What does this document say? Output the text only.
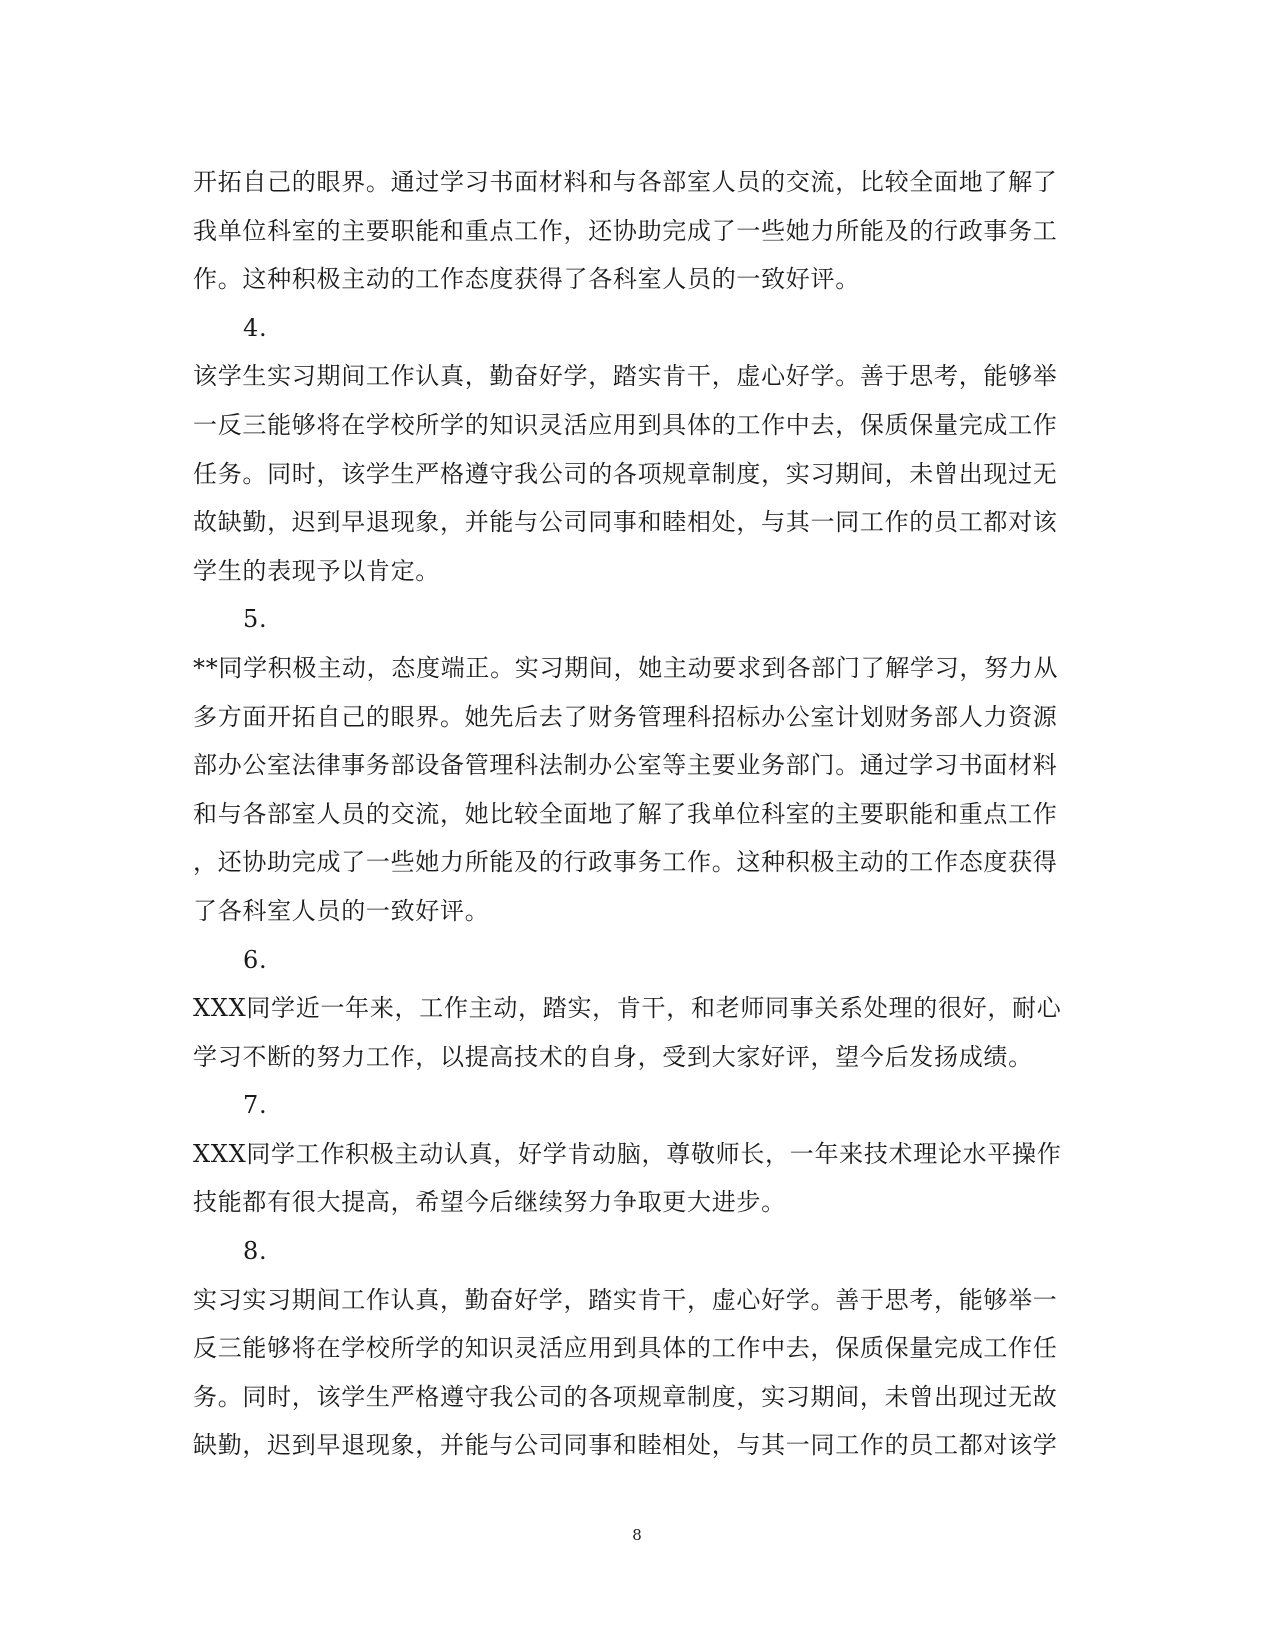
开拓自己的眼界。通过学习书面材料和与各部室人员的交流，比较全面地了解了
我单位科室的主要职能和重点工作，还协助完成了一些她力所能及的行政事务工
作。这种积极主动的工作态度获得了各科室人员的一致好评。
4.
该学生实习期间工作认真，勤奋好学，踏实肯干，虚心好学。善于思考，能够举
一反三能够将在学校所学的知识灵活应用到具体的工作中去，保质保量完成工作
任务。同时，该学生严格遵守我公司的各项规章制度，实习期间，未曾出现过无
故缺勤，迟到早退现象，并能与公司同事和睦相处，与其一同工作的员工都对该
学生的表现予以肯定。
5.
**同学积极主动，态度端正。实习期间，她主动要求到各部门了解学习，努力从
多方面开拓自己的眼界。她先后去了财务管理科招标办公室计划财务部人力资源
部办公室法律事务部设备管理科法制办公室等主要业务部门。通过学习书面材料
和与各部室人员的交流，她比较全面地了解了我单位科室的主要职能和重点工作
，还协助完成了一些她力所能及的行政事务工作。这种积极主动的工作态度获得
了各科室人员的一致好评。
6.
XXX同学近一年来，工作主动，踏实，肯干，和老师同事关系处理的很好，耐心
学习不断的努力工作，以提高技术的自身，受到大家好评，望今后发扬成绩。
7.
XXX同学工作积极主动认真，好学肯动脑，尊敬师长，一年来技术理论水平操作
技能都有很大提高，希望今后继续努力争取更大进步。
8.
实习实习期间工作认真，勤奋好学，踏实肯干，虚心好学。善于思考，能够举一
反三能够将在学校所学的知识灵活应用到具体的工作中去，保质保量完成工作任
务。同时，该学生严格遵守我公司的各项规章制度，实习期间，未曾出现过无故
缺勤，迟到早退现象，并能与公司同事和睦相处，与其一同工作的员工都对该学
8
